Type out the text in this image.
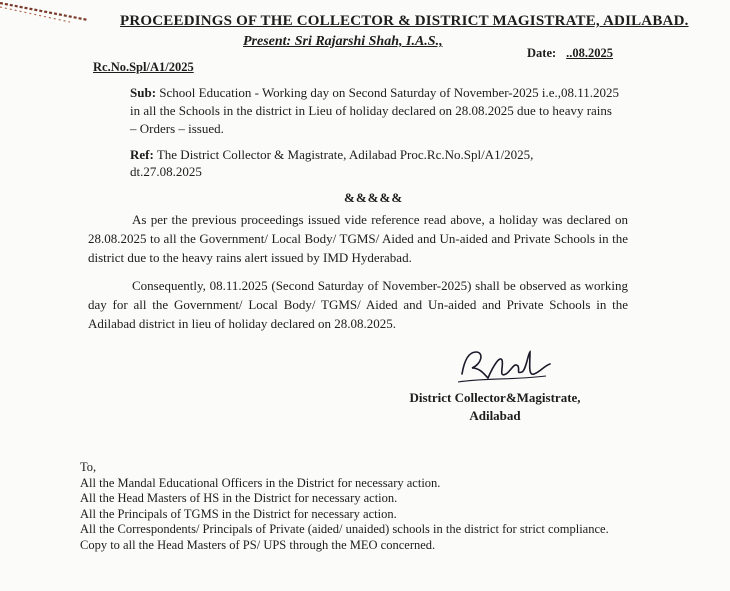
PROCEEDINGS OF THE COLLECTOR & DISTRICT MAGISTRATE, ADILABAD.
Present: Sri Rajarshi Shah, I.A.S.,
Rc.No.Spl/A1/2025
Date: ..08.2025
Sub: School Education - Working day on Second Saturday of November-2025 i.e.,08.11.2025 in all the Schools in the district in Lieu of holiday declared on 28.08.2025 due to heavy rains – Orders – issued.
Ref: The District Collector & Magistrate, Adilabad Proc.Rc.No.Spl/A1/2025, dt.27.08.2025
&&&&&
As per the previous proceedings issued vide reference read above, a holiday was declared on 28.08.2025 to all the Government/ Local Body/ TGMS/ Aided and Un-aided and Private Schools in the district due to the heavy rains alert issued by IMD Hyderabad.
Consequently, 08.11.2025 (Second Saturday of November-2025) shall be observed as working day for all the Government/ Local Body/ TGMS/ Aided and Un-aided and Private Schools in the Adilabad district in lieu of holiday declared on 28.08.2025.
District Collector&Magistrate,
Adilabad
To,
All the Mandal Educational Officers in the District for necessary action.
All the Head Masters of HS in the District for necessary action.
All the Principals of TGMS in the District for necessary action.
All the Correspondents/ Principals of Private (aided/ unaided) schools in the district for strict compliance.
Copy to all the Head Masters of PS/ UPS through the MEO concerned.
